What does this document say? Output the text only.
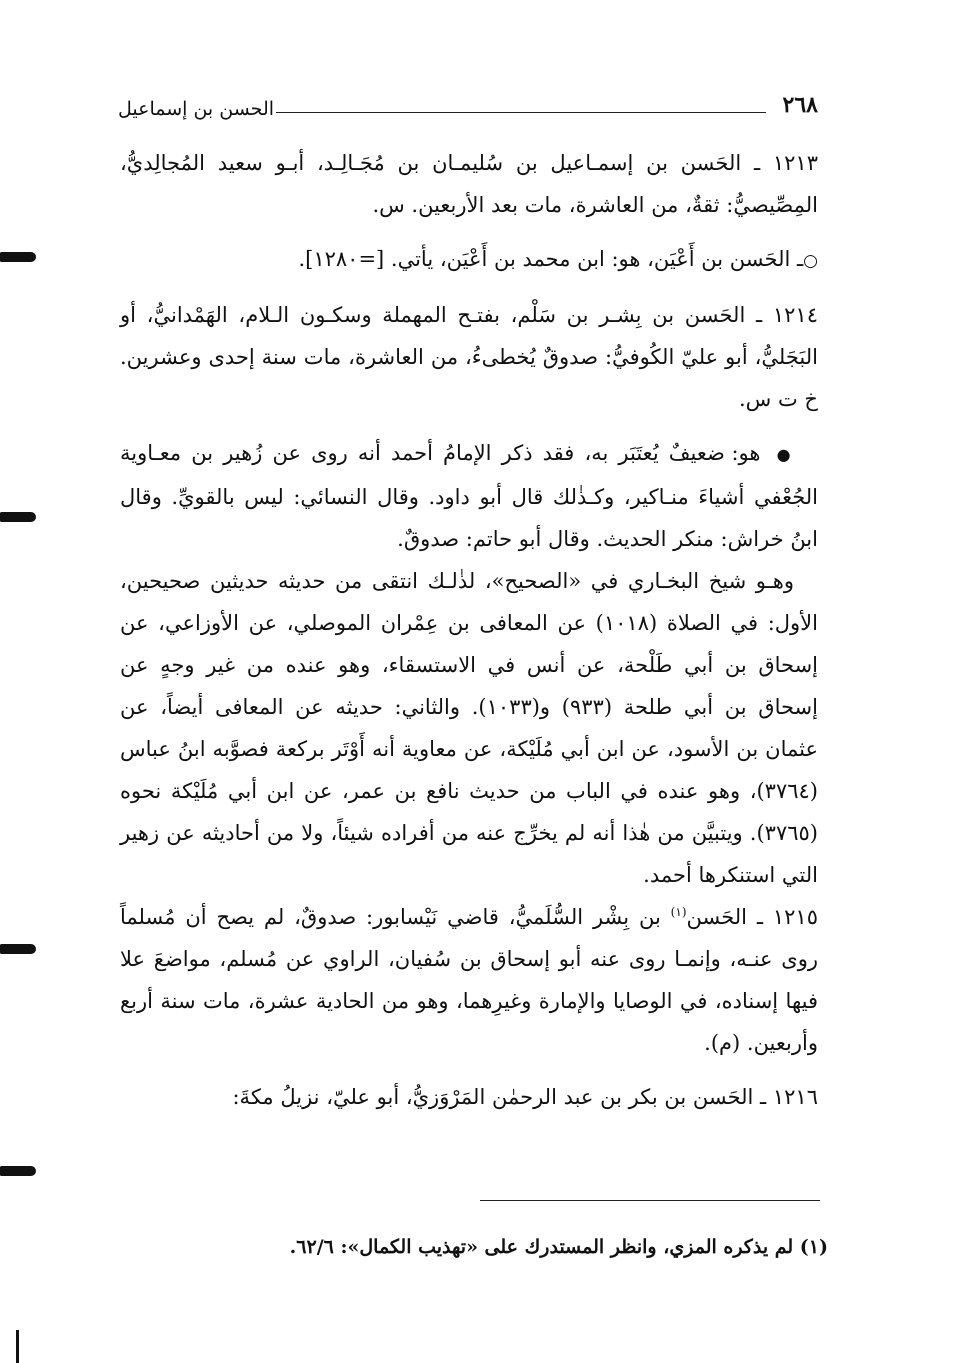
٢٦٨
الحسن بن إسماعيل

١٢١٣ ـ الحَسن بن إسمـاعيل بن سُليمـان بن مُجَـالِـد، أبـو سعيد المُجالِديُّ، المِصِّيصيُّ: ثقةٌ، من العاشرة، مات بعد الأربعين. س.

○ـ الحَسن بن أَعْيَن، هو: ابن محمد بن أَعْيَن، يأتي. [=١٢٨٠].

١٢١٤ ـ الحَسن بن بِشـر بن سَلْم، بفتـح المهملة وسكـون الـلام، الهَمْدانيُّ، أو البَجَليُّ، أبو عليّ الكُوفيُّ: صدوقٌ يُخطىءُ، من العاشرة، مات سنة إحدى وعشرين. خ ت س.

● هو: ضعيفٌ يُعتَبَر به، فقد ذكر الإمامُ أحمد أنه روى عن زُهير بن معـاوية الجُعْفي أشياءَ منـاكير، وكـذٰلك قال أبو داود. وقال النسائي: ليس بالقويِّ. وقال ابنُ خراش: منكر الحديث. وقال أبو حاتم: صدوقٌ.

وهـو شيخ البخـاري في «الصحيح»، لذٰلـك انتقى من حديثه حديثين صحيحين، الأول: في الصلاة (١٠١٨) عن المعافى بن عِمْران الموصلي، عن الأوزاعي، عن إسحاق بن أبي طَلْحة، عن أنس في الاستسقاء، وهو عنده من غير وجهٍ عن إسحاق بن أبي طلحة (٩٣٣) و(١٠٣٣). والثاني: حديثه عن المعافى أيضاً، عن عثمان بن الأسود، عن ابن أبي مُلَيْكة، عن معاوية أنه أَوْتَر بركعة فصوَّبه ابنُ عباس (٣٧٦٤)، وهو عنده في الباب من حديث نافع بن عمر، عن ابن أبي مُلَيْكة نحوه (٣٧٦٥). ويتبيَّن من هٰذا أنه لم يخرِّج عنه من أفراده شيئاً، ولا من أحاديثه عن زهير التي استنكرها أحمد.

١٢١٥ ـ الحَسن$^{(١)}$ بن بِشْر السُّلَميُّ، قاضي نَيْسابور: صدوقٌ، لم يصح أن مُسلماً روى عنـه، وإنمـا روى عنه أبو إسحاق بن سُفيان، الراوي عن مُسلم، مواضعَ علا فيها إسناده، في الوصايا والإمارة وغيرِهما، وهو من الحادية عشرة، مات سنة أربع وأربعين. (م).

١٢١٦ ـ الحَسن بن بكر بن عبد الرحمٰن المَرْوَزيُّ، أبو عليّ، نزيلُ مكةَ:

(١) لم يذكره المزي، وانظر المستدرك على «تهذيب الكمال»: ٦٢/٦.
